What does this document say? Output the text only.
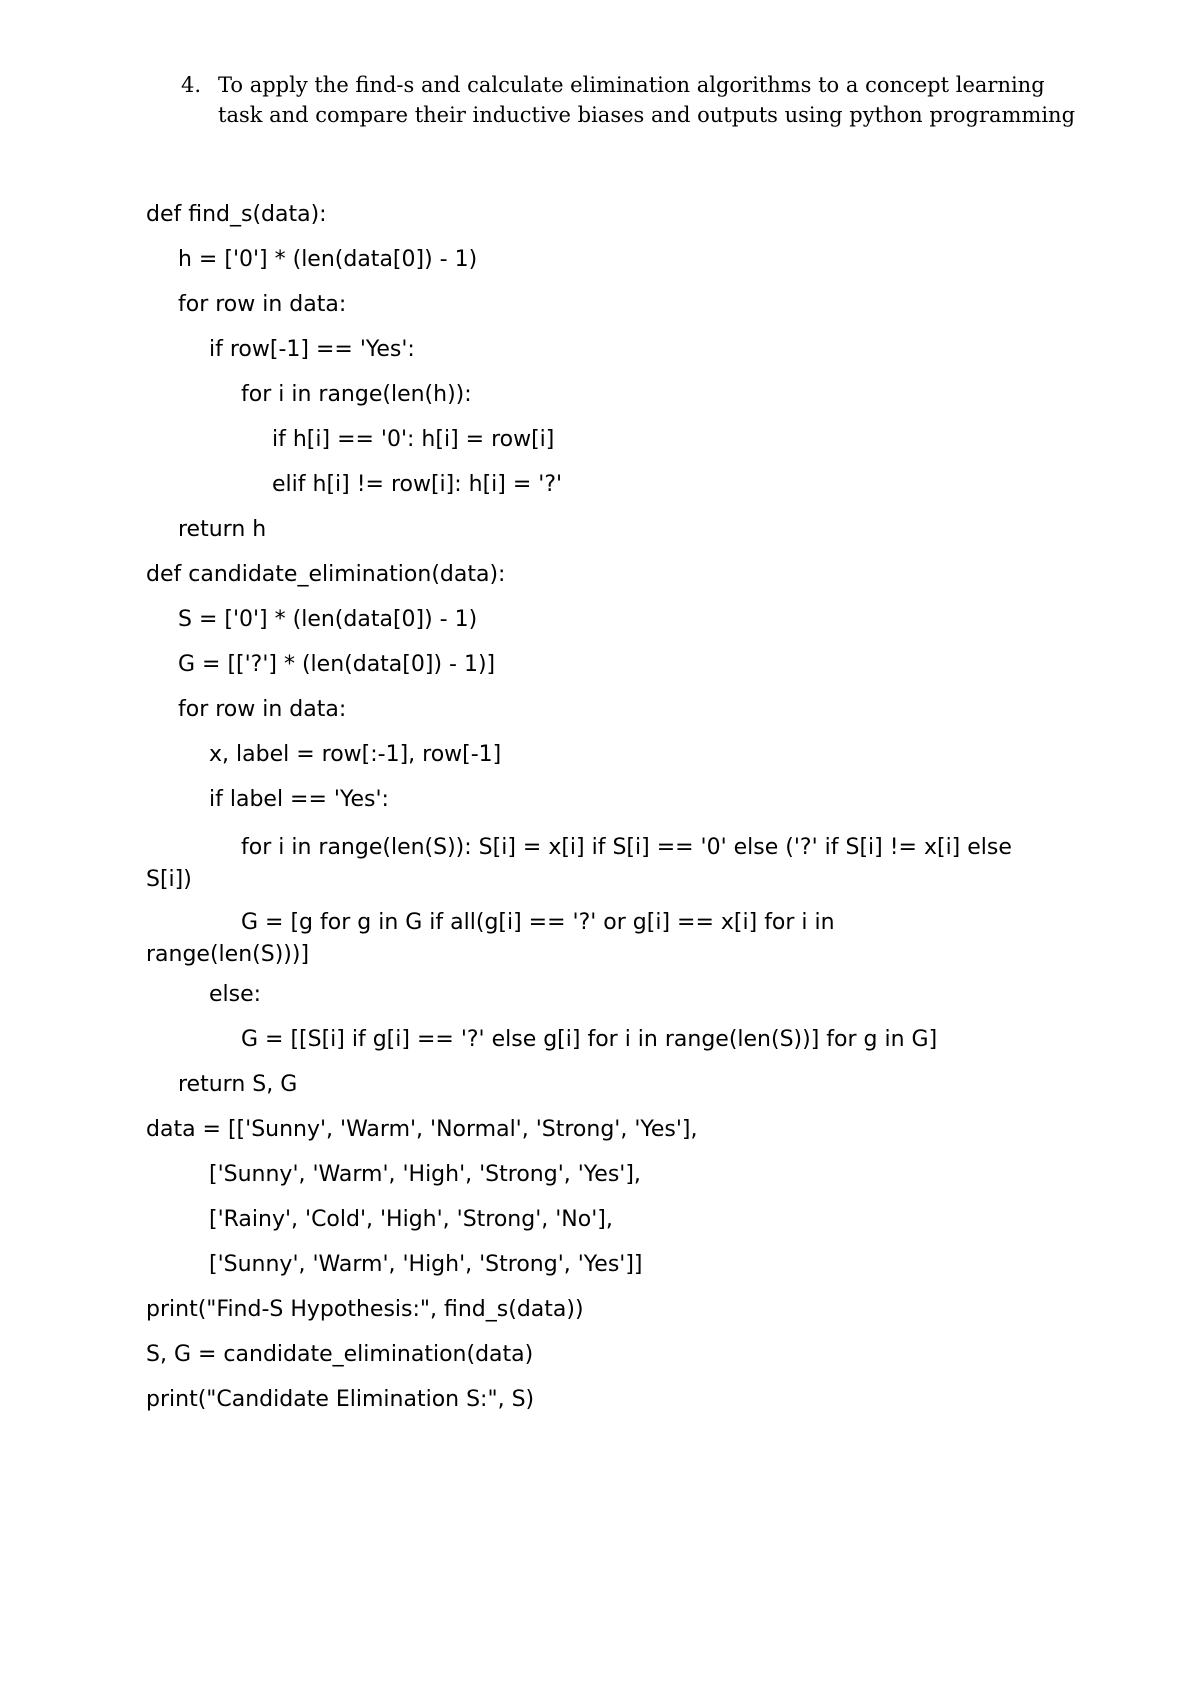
4. To apply the find-s and calculate elimination algorithms to a concept learning task and compare their inductive biases and outputs using python programming
def find_s(data):
h = ['0'] * (len(data[0]) - 1)
for row in data:
if row[-1] == 'Yes':
for i in range(len(h)):
if h[i] == '0': h[i] = row[i]
elif h[i] != row[i]: h[i] = '?'
return h
def candidate_elimination(data):
S = ['0'] * (len(data[0]) - 1)
G = [['?'] * (len(data[0]) - 1)]
for row in data:
x, label = row[:-1], row[-1]
if label == 'Yes':
for i in range(len(S)): S[i] = x[i] if S[i] == '0' else ('?' if S[i] != x[i] else S[i])
G = [g for g in G if all(g[i] == '?' or g[i] == x[i] for i in range(len(S)))]
else:
G = [[S[i] if g[i] == '?' else g[i] for i in range(len(S))] for g in G]
return S, G
data = [['Sunny', 'Warm', 'Normal', 'Strong', 'Yes'],
['Sunny', 'Warm', 'High', 'Strong', 'Yes'],
['Rainy', 'Cold', 'High', 'Strong', 'No'],
['Sunny', 'Warm', 'High', 'Strong', 'Yes']]
print("Find-S Hypothesis:", find_s(data))
S, G = candidate_elimination(data)
print("Candidate Elimination S:", S)
